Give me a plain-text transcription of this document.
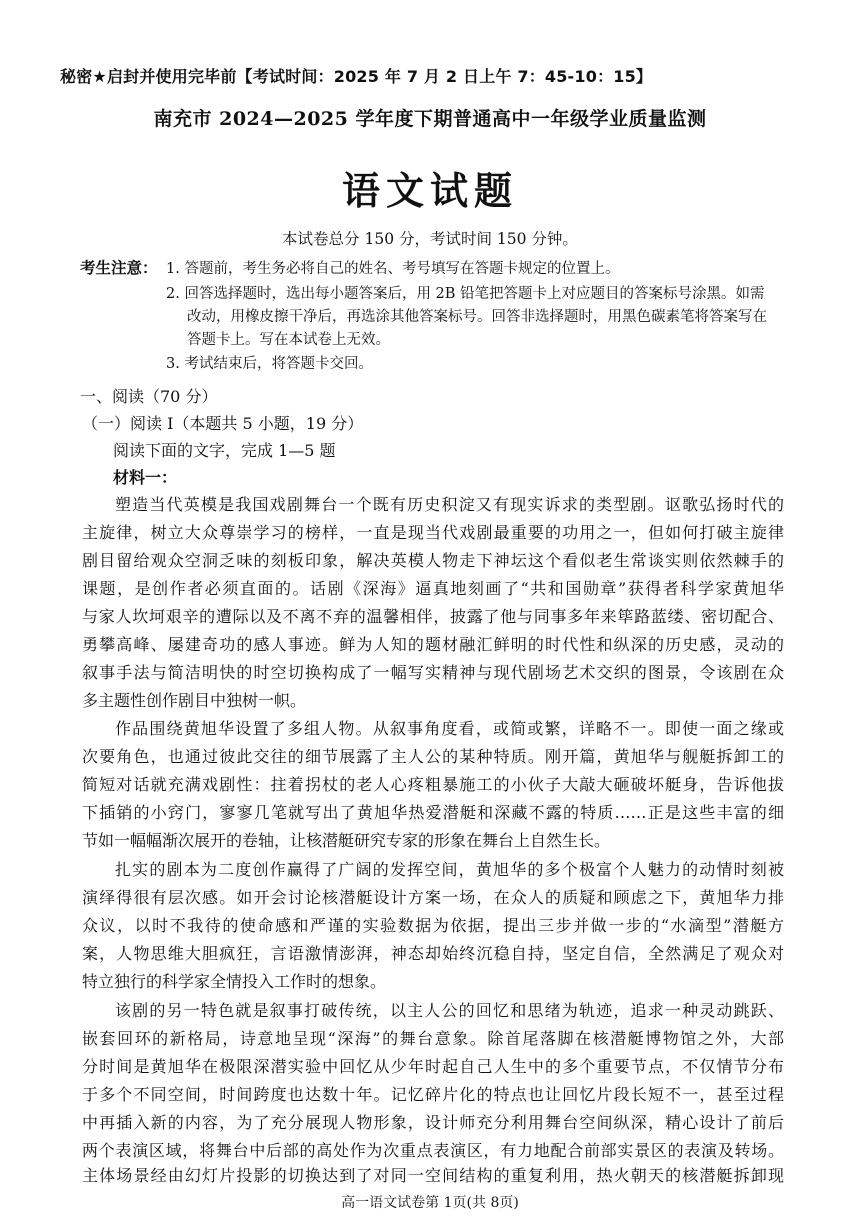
秘密★启封并使用完毕前【考试时间：2025 年 7 月 2 日上午 7：45-10：15】
南充市 2024—2025 学年度下期普通高中一年级学业质量监测
语文试题
本试卷总分 150 分，考试时间 150 分钟。
考生注意： 1. 答题前，考生务必将自己的姓名、考号填写在答题卡规定的位置上。
2. 回答选择题时，选出每小题答案后，用 2B 铅笔把答题卡上对应题目的答案标号涂黑。如需
改动，用橡皮擦干净后，再选涂其他答案标号。回答非选择题时，用黑色碳素笔将答案写在
答题卡上。写在本试卷上无效。
3. 考试结束后，将答题卡交回。
一、阅读（70 分）
（一）阅读 Ⅰ（本题共 5 小题，19 分）
阅读下面的文字，完成 1—5 题
材料一：
塑造当代英模是我国戏剧舞台一个既有历史积淀又有现实诉求的类型剧。讴歌弘扬时代的
主旋律，树立大众尊崇学习的榜样，一直是现当代戏剧最重要的功用之一，但如何打破主旋律
剧目留给观众空洞乏味的刻板印象，解决英模人物走下神坛这个看似老生常谈实则依然棘手的
课题，是创作者必须直面的。话剧《深海》逼真地刻画了“共和国勋章”获得者科学家黄旭华
与家人坎坷艰辛的遭际以及不离不弃的温馨相伴，披露了他与同事多年来筚路蓝缕、密切配合、
勇攀高峰、屡建奇功的感人事迹。鲜为人知的题材融汇鲜明的时代性和纵深的历史感，灵动的
叙事手法与简洁明快的时空切换构成了一幅写实精神与现代剧场艺术交织的图景，令该剧在众
多主题性创作剧目中独树一帜。
作品围绕黄旭华设置了多组人物。从叙事角度看，或简或繁，详略不一。即使一面之缘或
次要角色，也通过彼此交往的细节展露了主人公的某种特质。刚开篇，黄旭华与舰艇拆卸工的
简短对话就充满戏剧性：拄着拐杖的老人心疼粗暴施工的小伙子大敲大砸破坏艇身，告诉他拔
下插销的小窍门，寥寥几笔就写出了黄旭华热爱潜艇和深藏不露的特质……正是这些丰富的细
节如一幅幅渐次展开的卷轴，让核潜艇研究专家的形象在舞台上自然生长。
扎实的剧本为二度创作赢得了广阔的发挥空间，黄旭华的多个极富个人魅力的动情时刻被
演绎得很有层次感。如开会讨论核潜艇设计方案一场，在众人的质疑和顾虑之下，黄旭华力排
众议，以时不我待的使命感和严谨的实验数据为依据，提出三步并做一步的“水滴型”潜艇方
案，人物思维大胆疯狂，言语激情澎湃，神态却始终沉稳自持，坚定自信，全然满足了观众对
特立独行的科学家全情投入工作时的想象。
该剧的另一特色就是叙事打破传统，以主人公的回忆和思绪为轨迹，追求一种灵动跳跃、
嵌套回环的新格局，诗意地呈现“深海”的舞台意象。除首尾落脚在核潜艇博物馆之外，大部
分时间是黄旭华在极限深潜实验中回忆从少年时起自己人生中的多个重要节点，不仅情节分布
于多个不同空间，时间跨度也达数十年。记忆碎片化的特点也让回忆片段长短不一，甚至过程
中再插入新的内容，为了充分展现人物形象，设计师充分利用舞台空间纵深，精心设计了前后
两个表演区域，将舞台中后部的高处作为次重点表演区，有力地配合前部实景区的表演及转场。
主体场景经由幻灯片投影的切换达到了对同一空间结构的重复利用，热火朝天的核潜艇拆卸现
高一语文试卷第 1页(共 8页)
